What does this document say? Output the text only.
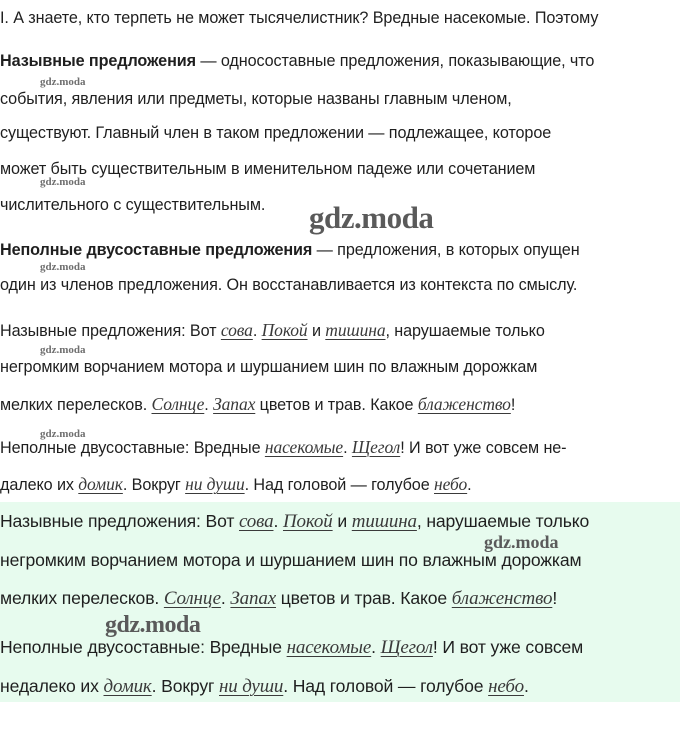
I. А знаете, кто терпеть не может тысячелистник? Вредные насекомые. Поэтому
Назывные предложения — односоставные предложения, показывающие, что
события, явления или предметы, которые названы главным членом,
существуют. Главный член в таком предложении — подлежащее, которое
может быть существительным в именительном падеже или сочетанием
числительного с существительным.
Неполные двусоставные предложения — предложения, в которых опущен
один из членов предложения. Он восстанавливается из контекста по смыслу.
Назывные предложения: Вот сова. Покой и тишина, нарушаемые только
негромким ворчанием мотора и шуршанием шин по влажным дорожкам
мелких перелесков. Солнце. Запах цветов и трав. Какое блаженство!
Неполные двусоставные: Вредные насекомые. Щегол! И вот уже совсем не-
далеко их домик. Вокруг ни души. Над головой — голубое небо.
Назывные предложения: Вот сова. Покой и тишина, нарушаемые только
негромким ворчанием мотора и шуршанием шин по влажным дорожкам
мелких перелесков. Солнце. Запах цветов и трав. Какое блаженство!
Неполные двусоставные: Вредные насекомые. Щегол! И вот уже совсем
недалеко их домик. Вокруг ни души. Над головой — голубое небо.
gdz.moda
gdz.moda
gdz.moda
gdz.moda
gdz.moda
gdz.moda
gdz.moda
gdz.moda
